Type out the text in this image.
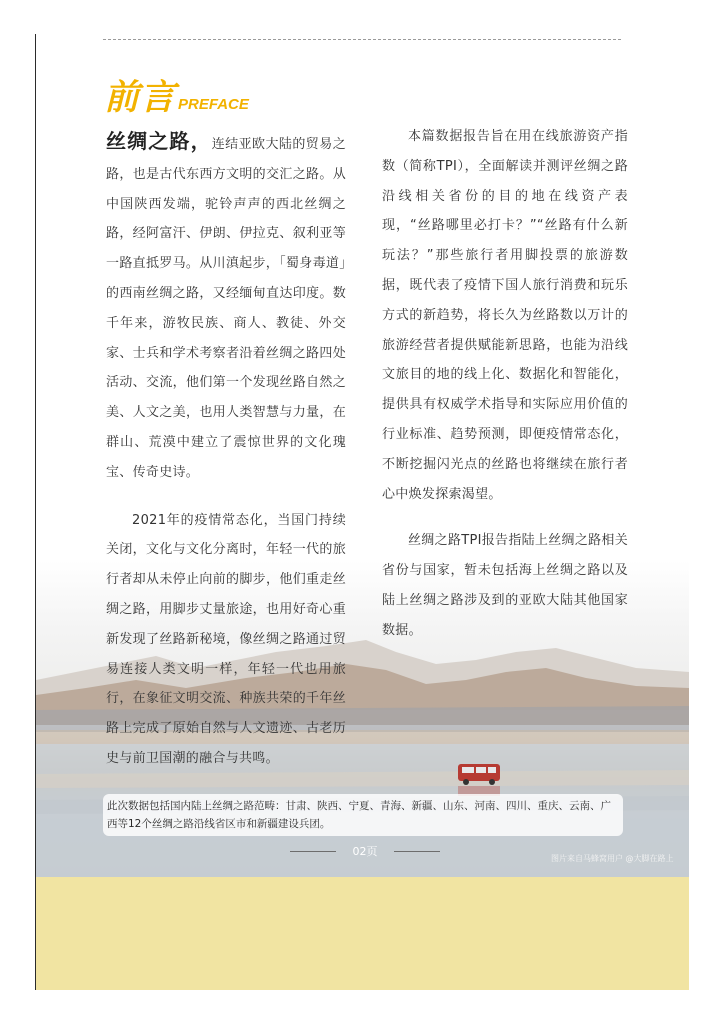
前言 PREFACE

丝绸之路，连结亚欧大陆的贸易之路，也是古代东西方文明的交汇之路。从中国陕西发端，驼铃声声的西北丝绸之路，经阿富汗、伊朗、伊拉克、叙利亚等一路直抵罗马。从川滇起步，「蜀身毒道」的西南丝绸之路，又经缅甸直达印度。数千年来，游牧民族、商人、教徒、外交家、士兵和学术考察者沿着丝绸之路四处活动、交流，他们第一个发现丝路自然之美、人文之美，也用人类智慧与力量，在群山、荒漠中建立了震惊世界的文化瑰宝、传奇史诗。

2021年的疫情常态化，当国门持续关闭，文化与文化分离时，年轻一代的旅行者却从未停止向前的脚步，他们重走丝绸之路，用脚步丈量旅途，也用好奇心重新发现了丝路新秘境，像丝绸之路通过贸易连接人类文明一样，年轻一代也用旅行，在象征文明交流、种族共荣的千年丝路上完成了原始自然与人文遗迹、古老历史与前卫国潮的融合与共鸣。

本篇数据报告旨在用在线旅游资产指数（简称TPI），全面解读并测评丝绸之路沿线相关省份的目的地在线资产表现，“丝路哪里必打卡？”“丝路有什么新玩法？”那些旅行者用脚投票的旅游数据，既代表了疫情下国人旅行消费和玩乐方式的新趋势，将长久为丝路数以万计的旅游经营者提供赋能新思路，也能为沿线文旅目的地的线上化、数据化和智能化，提供具有权威学术指导和实际应用价值的行业标准、趋势预测，即便疫情常态化，不断挖掘闪光点的丝路也将继续在旅行者心中焕发探索渴望。

丝绸之路TPI报告指陆上丝绸之路相关省份与国家，暂未包括海上丝绸之路以及陆上丝绸之路涉及到的亚欧大陆其他国家数据。

此次数据包括国内陆上丝绸之路范畴：甘肃、陕西、宁夏、青海、新疆、山东、河南、四川、重庆、云南、广西等12个丝绸之路沿线省区市和新疆建设兵团。
02页
图片来自马蜂窝用户 @大脚在路上
